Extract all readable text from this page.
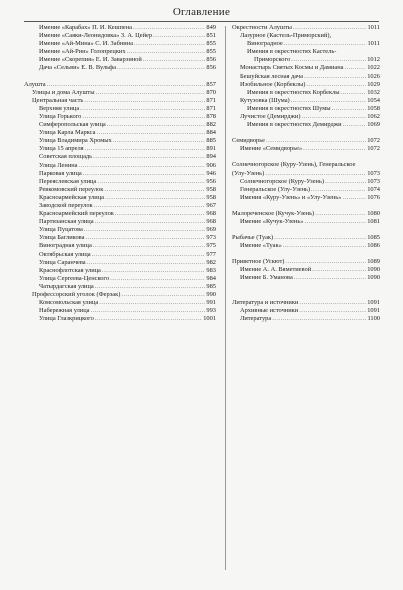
Оглавление
Имение «Карабах» П. И. Кешпена .....	849
Имение «Саяки-Леонидовка» З. А. Цейер .....	851
Имение «Ай-Мина» С. И. Забнина .....	855
Имение «Ай-Рин» Голопрецких .....	855
Имение «Скорепия» Е. И. Заварзиной .....	856
Дача «Сельви» Е. В. Вульфа .....	856
Алушта .....	857
Улицы и дома Алушты .....	870
Центральная часть .....	871
Верхняя улица .....	871
Улица Горького .....	878
Симферопольская улица .....	882
Улица Карла Маркса .....	884
Улица Владимира Хромых .....	885
Улица 15 апреля .....	891
Советская площадь .....	894
Улица Ленина .....	906
Парковая улица .....	946
Переяслевская улица .....	956
Ревкомовский переулок .....	958
Красноармейская улица .....	958
Заводской переулок .....	967
Красноармейский переулок .....	968
Партизанская улица .....	968
Улица Пуцатова .....	969
Улица Багликова .....	973
Виноградная улица .....	975
Октябрьская улица .....	977
Улица Саранчева .....	982
Краснофлотская улица .....	983
Улица Сергеева-Ценского .....	984
Чатырдагская улица .....	985
Профессорский уголок (Ферзак) .....	990
Комсомольская улица .....	991
Набережная улица .....	993
Улица Глазкрицкого .....	1001
Окрестности Алушты .....	1011
Лазурное (Кастель-Приморский),
Виноградное .....	1011
Имения в окрестностях Кастель-
Приморского .....	1012
Монастырь Святых Космы и Дамиана .....	1022
Бешуйская лесная дача .....	1026
Изобильное (Корбеклы) .....	1029
Имения в окрестностях Корбеклы .....	1032
Кутузовка (Шума) .....	1054
Имения в окрестностях Шумы .....	1058
Лучистое (Демирджи) .....	1062
Имения в окрестностях Демирджи .....	1069
Семидворье .....	1072
Имение «Семидворье» .....	1072
Солнечногорское (Куру-Узень), Генеральское
(Улу-Узень) .....	1073
Солнечногорское (Куру-Узень) .....	1073
Генеральское (Улу-Узень) .....	1074
Имения «Куру-Узень» и «Улу-Узень» .....	1076
Малореченское (Кучук-Узень) .....	1080
Имение «Кучук-Узень» .....	1081
Рыбачье (Туак) .....	1085
Имение «Туак» .....	1086
Приветное (Ускют) .....	1089
Имение А. А. Вяметиевой .....	1090
Имение Б. Уманова .....	1090
Литература и источники .....	1091
Архивные источники .....	1091
Литература .....	1100
